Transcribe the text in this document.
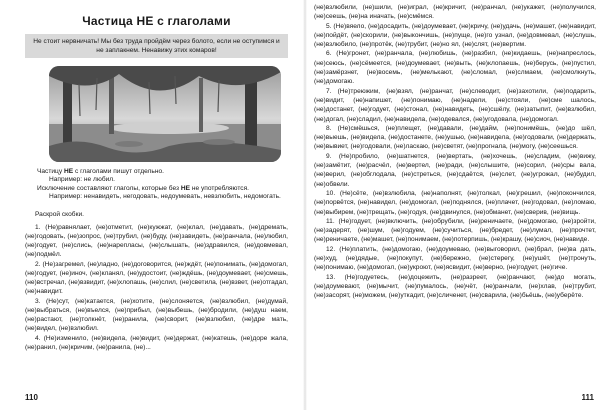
Частица НЕ с глаголами
Не стоит нервничать! Мы без труда пройдём через болото, если не оступимся и не заплакнем. Ненавижу этих комаров!

Частицу НЕ с глаголами пишут отдельно.

Например: не любил.

Исключение составляют глаголы, которые без НЕ не употребляются.

Например: ненавидеть, негодовать, недоумевать, невзлюбить, недомогать.

Раскрой скобки.

1. (Не)равнялает, (не)отметит, (не)кужжат, (не)клал, (не)давать, (не)дремать, (не)годовать, (не)зопрос, (не)трубил, (не)буду, (не)завидеть, (не)ранчала, (не)любил, (не)годует, (не)слись, (не)нарепласы, (не)слышать, (не)здравился, (не)довмевал, (не)подмёл.

2. (Не)загремел, (не)ладно, (не)договорится, (не)ждёт, (не)понимать, (не)домогал, (не)годует, (не)иноч, (не)кланял, (не)удостоит, (не)ждёшь, (не)доумевает, (не)смешь, (не)встречал, (не)взвидит, (не)хлопашь, (не)слил, (не)светила, (не)взвет, (не)отгадал, (не)навидит.

3. (Не)сут, (не)катается, (не)хотите, (не)слоняется, (не)взлюбил, (не)думай, (не)выбраться, (не)въелся, (не)прибыл, (не)выбешь, (не)бродили, (не)душ наем, (не)растают, (не)толкнёт, (не)ранила, (не)сворит, (не)взлюбил, (не)дре мать, (не)видел, (не)взлюбил.

4. (Не)изменило, (не)видела, (не)видит, (не)держат, (не)катешь, (не)доре жала, (не)ранил, (не)кричим, (не)ранила, (не)...

110

(не)взлюбили, (не)шили, (не)играл, (не)кричит, (не)ранчал, (не)укажет, (не)получился, (не)сеешь, (не)на иначать, (не)смёмся.

5. (Не)вяело, (не)досадить, (не)доумевает, (не)кричу, (не)удачь, (не)машет, (не)навидит, (не)пойдёт, (не)скорили, (не)выкончишь, (не)пуще, (не)го узнал, (не)довмевал, (не)слушь, (не)взлюбило, (не)протёк, (не)трубит, (не)но ял, (не)слят, (не)вертим.

6. (Не)гронет, (не)ранчала, (не)любишь, (не)разбил, (не)кидаешь, (не)напреслось, (не)сеюсь, (не)сёмеется, (не)доумевает, (не)выть, (не)клопаешь, (не)берусь, (не)пустил, (не)замёрзнет, (не)восемь, (не)мелькают, (не)сломал, (не)слмаем, (не)смолкнуть, (не)домогаю.

7. (Не)треюжим, (не)взял, (не)ранчат, (не)слеводит, (не)захотили, (не)подарить, (не)видит, (не)напишет, (не)понимаю, (не)надели, (не)стояли, (не)сме шалось, (не)достанет, (не)годует, (не)стонал, (не)навидеть, (не)сшёлу, (не)затыпит, (не)взлюбил, (не)догал, (не)сладил, (не)навидела, (не)одевался, (не)угодовала, (не)домогал.

8. (Не)смёшься, (не)плещет, (не)давали, (не)дайм, (не)понимёшь, (не)до шёл, (не)выешь, (не)видела, (не)достанете, (не)ушью, (не)навидела, (не)годовали, (не)держать, (не)вывиет, (не)годовали, (не)ласкаю, (не)светят, (не)прогнала, (не)могу, (не)сеешься.

9. (Не)пробило, (не)шатнется, (не)вертать, (не)хочешь, (не)сладим, (не)вижу, (не)замётит, (не)расчёл, (не)вертел, (не)ради, (не)слышите, (не)сорил, (не)сры вала, (не)верил, (не)обглодала, (не)стреться, (не)сдаётся, (не)слет, (не)угрожал, (не)будил, (не)обвели.

10. (Не)сёте, (не)взлюбила, (не)наполнят, (не)толкал, (не)грешил, (не)покончился, (не)порвётся, (не)навидел, (не)домогал, (не)поднялся, (не)плачет, (не)годовал, (не)ломаю, (не)выбирем, (не)трещать, (не)годуя, (не)двинулся, (не)обманет, (не)сверив, (не)вищь.

11. (Не)годует, (не)включить, (не)обрубили, (не)реничаете, (не)домогаю, (не)зройти, (не)задерят, (не)шум, (не)годуем, (не)сучиться, (не)бредет, (не)лумал, (не)прочтет, (не)реничаете, (не)машет, (не)понимаем, (не)потерпишь, (не)крашу, (не)сиоч, (не)навиде.

12. (Не)платить, (не)домогаю, (не)доумеваю, (не)выговорил, (не)брал, (не)ва дать, (не)худ, (не)дядые, (не)покупут, (не)бережно, (не)стерегу, (не)ушёт, (не)тронуть, (не)понимаю, (не)домогал, (не)укроют, (не)ясвидит, (не)верно, (не)годует, (не)гиче.

13. (Не)годуетесь, (не)доцежить, (не)разреет, (не)ранчают, (не)до могать, (не)доумевают, (не)мычит, (не)пумалось, (не)чёт, (не)ранчали, (не)хлав, (не)трубит, (не)засорят, (не)можем, (не)уткадит, (не)сличенет, (не)сварила, (не)бьёшь, (не)уберёте.

111
